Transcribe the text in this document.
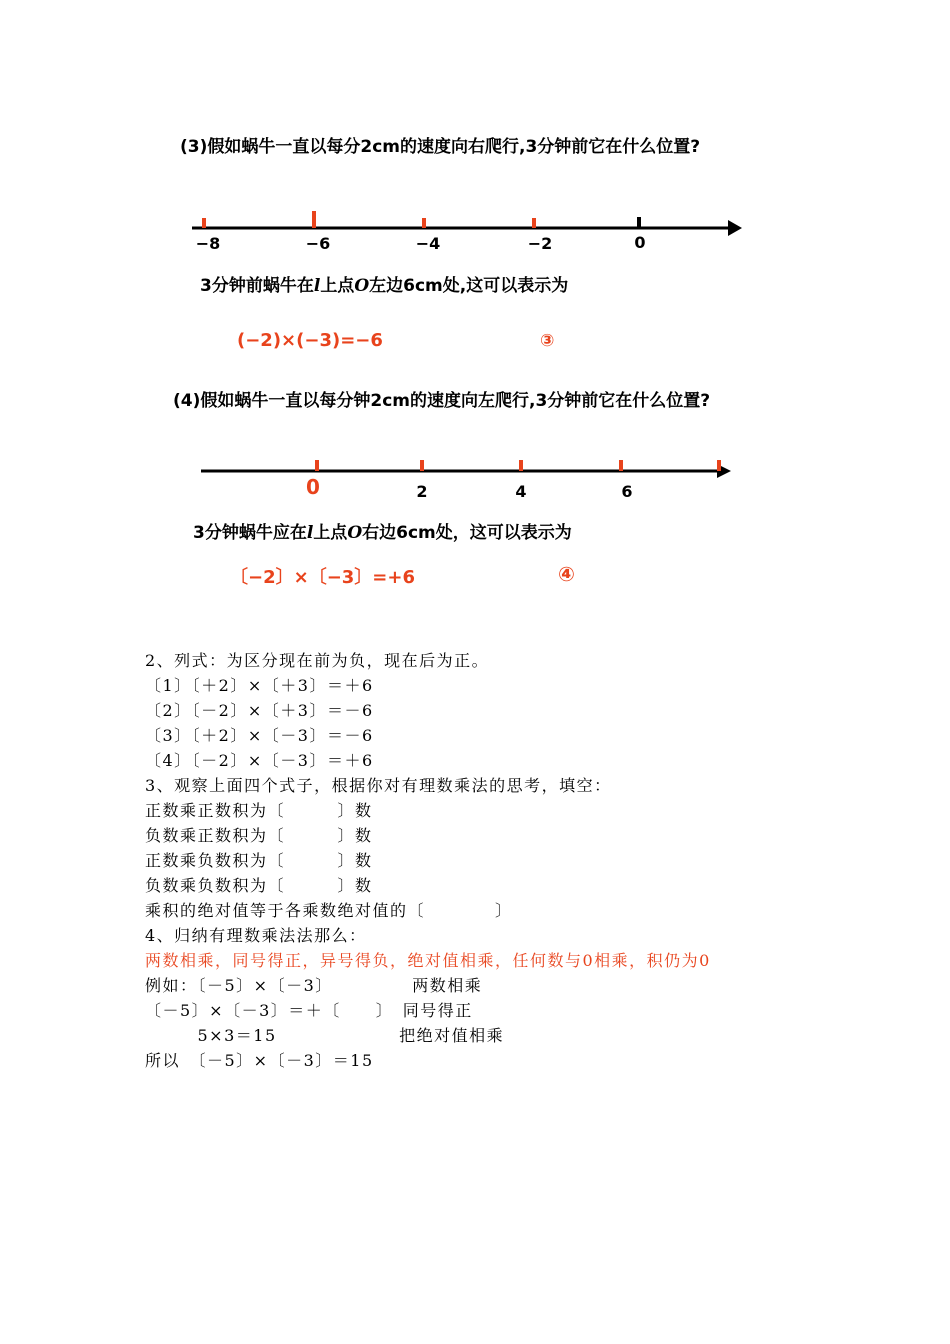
(3)假如蜗牛一直以每分2cm的速度向右爬行,3分钟前它在什么位置?
−8	−6	−4	−2	0
3分钟前蜗牛在l上点O左边6cm处,这可以表示为
(−2)×(−3)=−6	③
(4)假如蜗牛一直以每分钟2cm的速度向左爬行,3分钟前它在什么位置?
0	2	4	6
3分钟蜗牛应在l上点O右边6cm处，这可以表示为
〔−2〕×〔−3〕=+6	④
2、列式：为区分现在前为负，现在后为正。
〔1〕〔＋2〕×〔＋3〕＝＋6
〔2〕〔－2〕×〔＋3〕＝－6
〔3〕〔＋2〕×〔－3〕＝－6
〔4〕〔－2〕×〔－3〕＝＋6
3、观察上面四个式子，根据你对有理数乘法的思考，填空：
正数乘正数积为〔　　　〕数
负数乘正数积为〔　　　〕数
正数乘负数积为〔　　　〕数
负数乘负数积为〔　　　〕数
乘积的绝对值等于各乘数绝对值的〔　　　　〕
4、归纳有理数乘法法那么：
两数相乘，同号得正，异号得负，绝对值相乘，任何数与0相乘，积仍为0
例如：〔－5〕×〔－3〕　　　　　两数相乘
〔－5〕×〔－3〕＝＋〔　　〕　同号得正
　　　5×3＝15　　　　　　　把绝对值相乘
所以　〔－5〕×〔－3〕＝15
